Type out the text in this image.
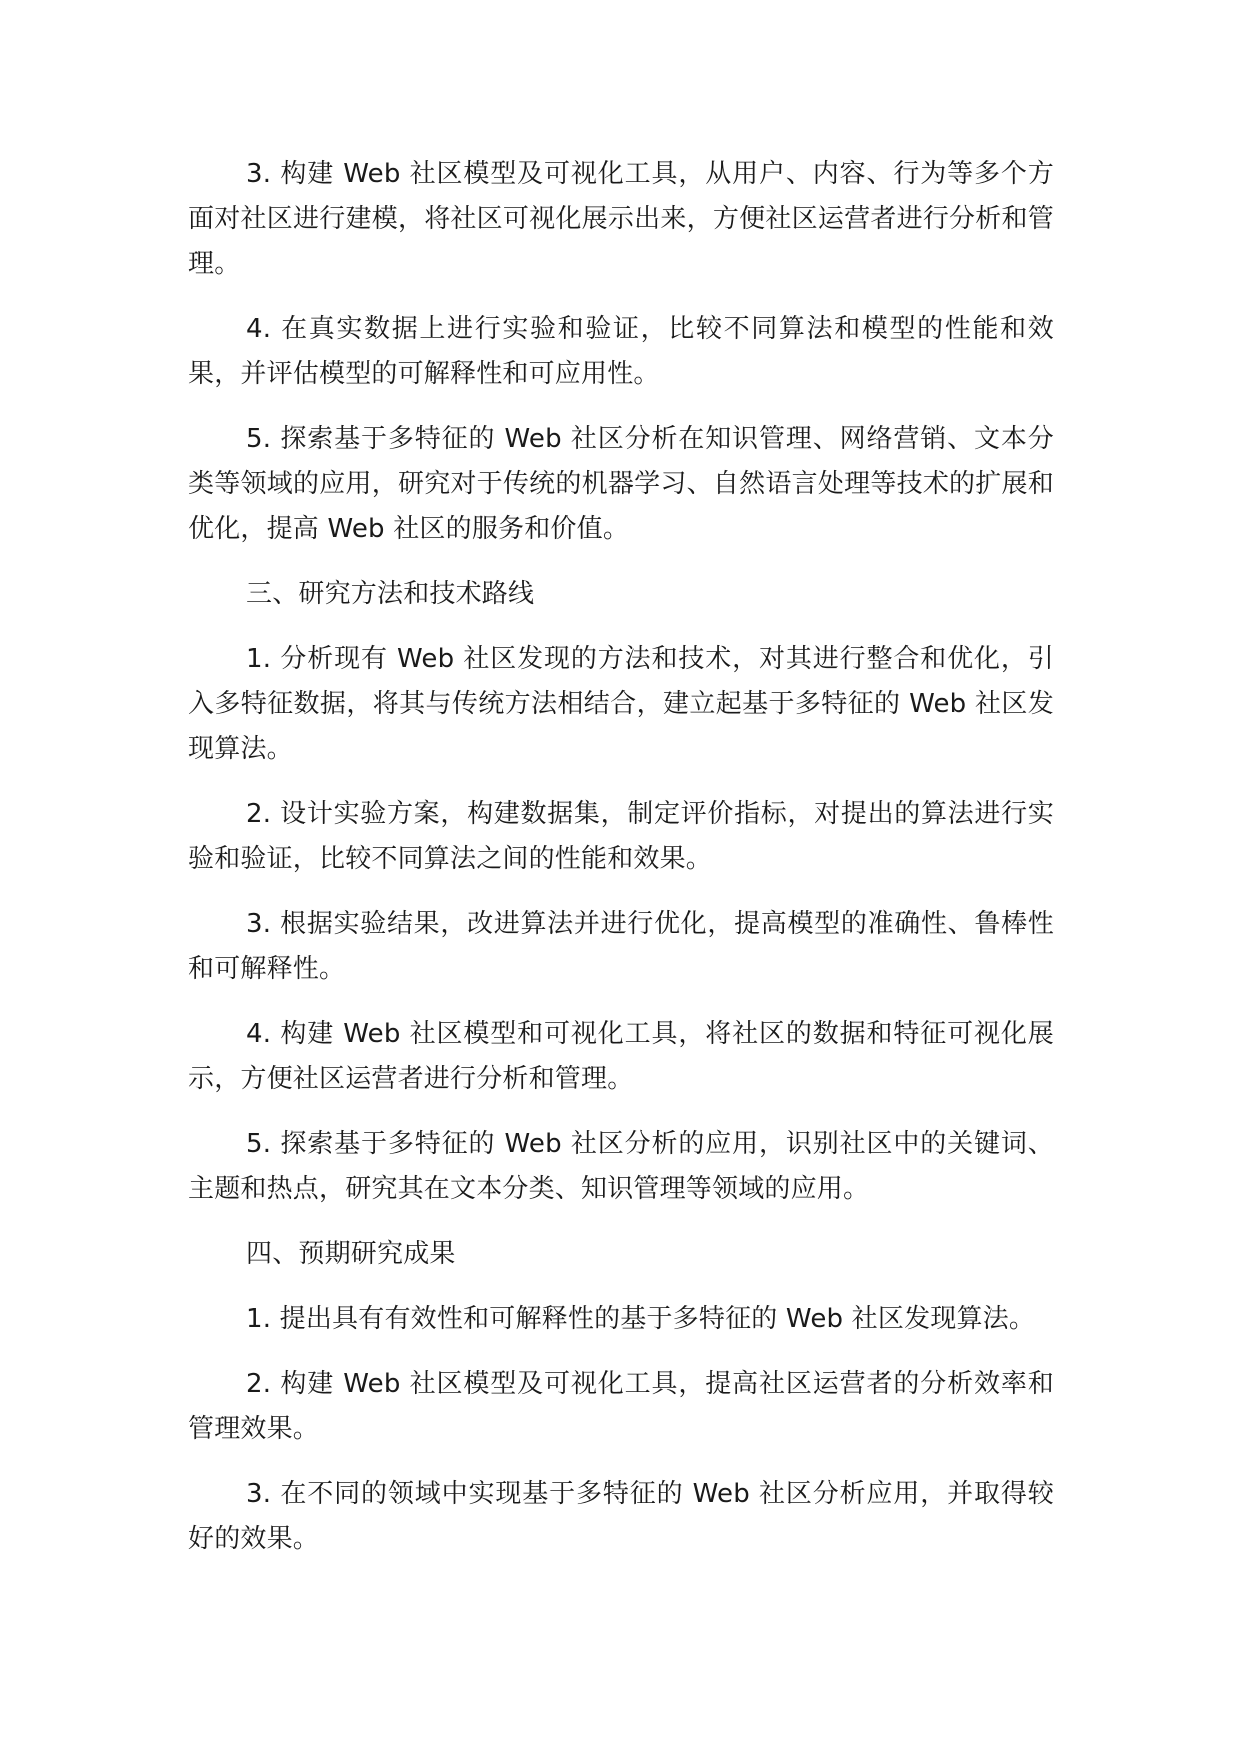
3. 构建 Web 社区模型及可视化工具，从用户、内容、行为等多个方面对社区进行建模，将社区可视化展示出来，方便社区运营者进行分析和管理。

4. 在真实数据上进行实验和验证，比较不同算法和模型的性能和效果，并评估模型的可解释性和可应用性。

5. 探索基于多特征的 Web 社区分析在知识管理、网络营销、文本分类等领域的应用，研究对于传统的机器学习、自然语言处理等技术的扩展和优化，提高 Web 社区的服务和价值。

三、研究方法和技术路线

1. 分析现有 Web 社区发现的方法和技术，对其进行整合和优化，引入多特征数据，将其与传统方法相结合，建立起基于多特征的 Web 社区发现算法。

2. 设计实验方案，构建数据集，制定评价指标，对提出的算法进行实验和验证，比较不同算法之间的性能和效果。

3. 根据实验结果，改进算法并进行优化，提高模型的准确性、鲁棒性和可解释性。

4. 构建 Web 社区模型和可视化工具，将社区的数据和特征可视化展示，方便社区运营者进行分析和管理。

5. 探索基于多特征的 Web 社区分析的应用，识别社区中的关键词、主题和热点，研究其在文本分类、知识管理等领域的应用。

四、预期研究成果

1. 提出具有有效性和可解释性的基于多特征的 Web 社区发现算法。

2. 构建 Web 社区模型及可视化工具，提高社区运营者的分析效率和管理效果。

3. 在不同的领域中实现基于多特征的 Web 社区分析应用，并取得较好的效果。
